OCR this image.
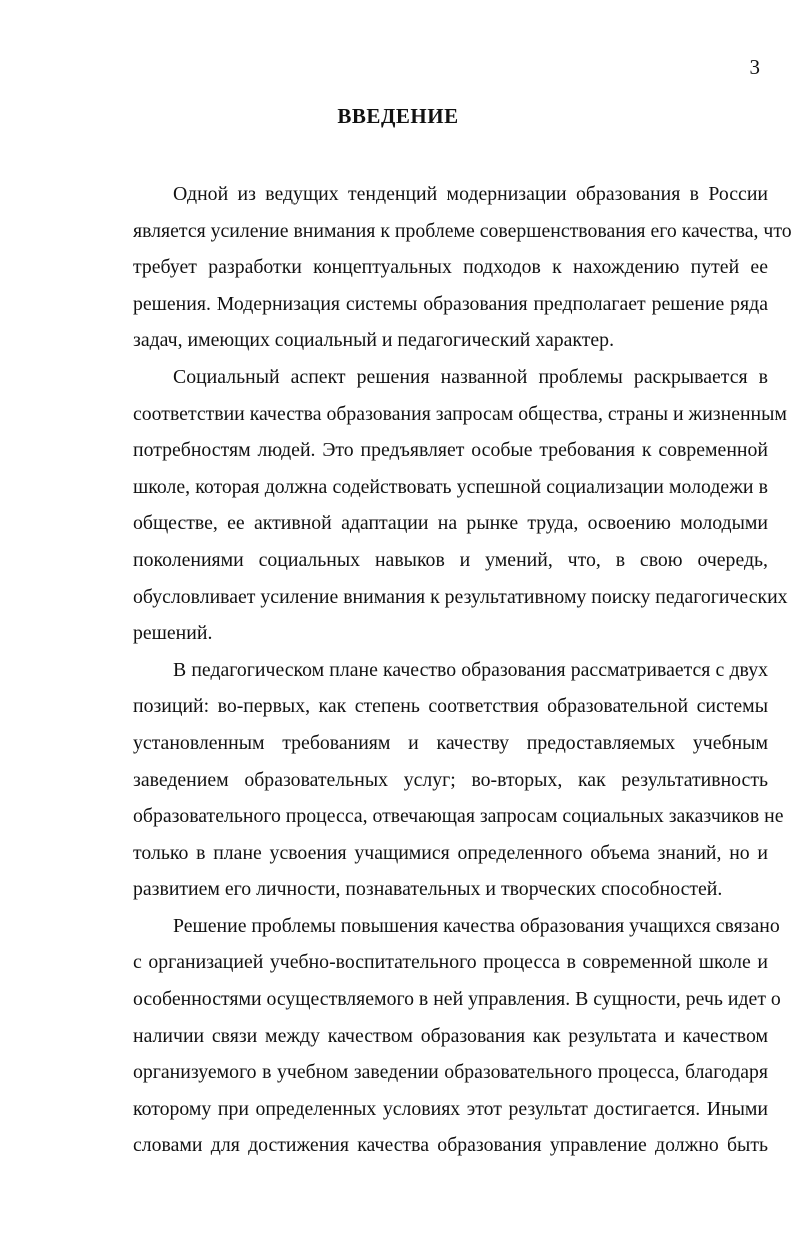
3
ВВЕДЕНИЕ
Одной из ведущих тенденций модернизации образования в России
является усиление внимания к проблеме совершенствования его качества, что
требует разработки концептуальных подходов к нахождению путей ее
решения. Модернизация системы образования предполагает решение ряда
задач, имеющих социальный и педагогический характер.
Социальный аспект решения названной проблемы раскрывается в
соответствии качества образования запросам общества, страны и жизненным
потребностям людей. Это предъявляет особые требования к современной
школе, которая должна содействовать успешной социализации молодежи в
обществе, ее активной адаптации на рынке труда, освоению молодыми
поколениями социальных навыков и умений, что, в свою очередь,
обусловливает усиление внимания к результативному поиску педагогических
решений.
В педагогическом плане качество образования рассматривается с двух
позиций: во-первых, как степень соответствия образовательной системы
установленным требованиям и качеству предоставляемых учебным
заведением образовательных услуг; во-вторых, как результативность
образовательного процесса, отвечающая запросам социальных заказчиков не
только в плане усвоения учащимися определенного объема знаний, но и
развитием его личности, познавательных и творческих способностей.
Решение проблемы повышения качества образования учащихся связано
с организацией учебно-воспитательного процесса в современной школе и
особенностями осуществляемого в ней управления. В сущности, речь идет о
наличии связи между качеством образования как результата и качеством
организуемого в учебном заведении образовательного процесса, благодаря
которому при определенных условиях этот результат достигается. Иными
словами для достижения качества образования управление должно быть
